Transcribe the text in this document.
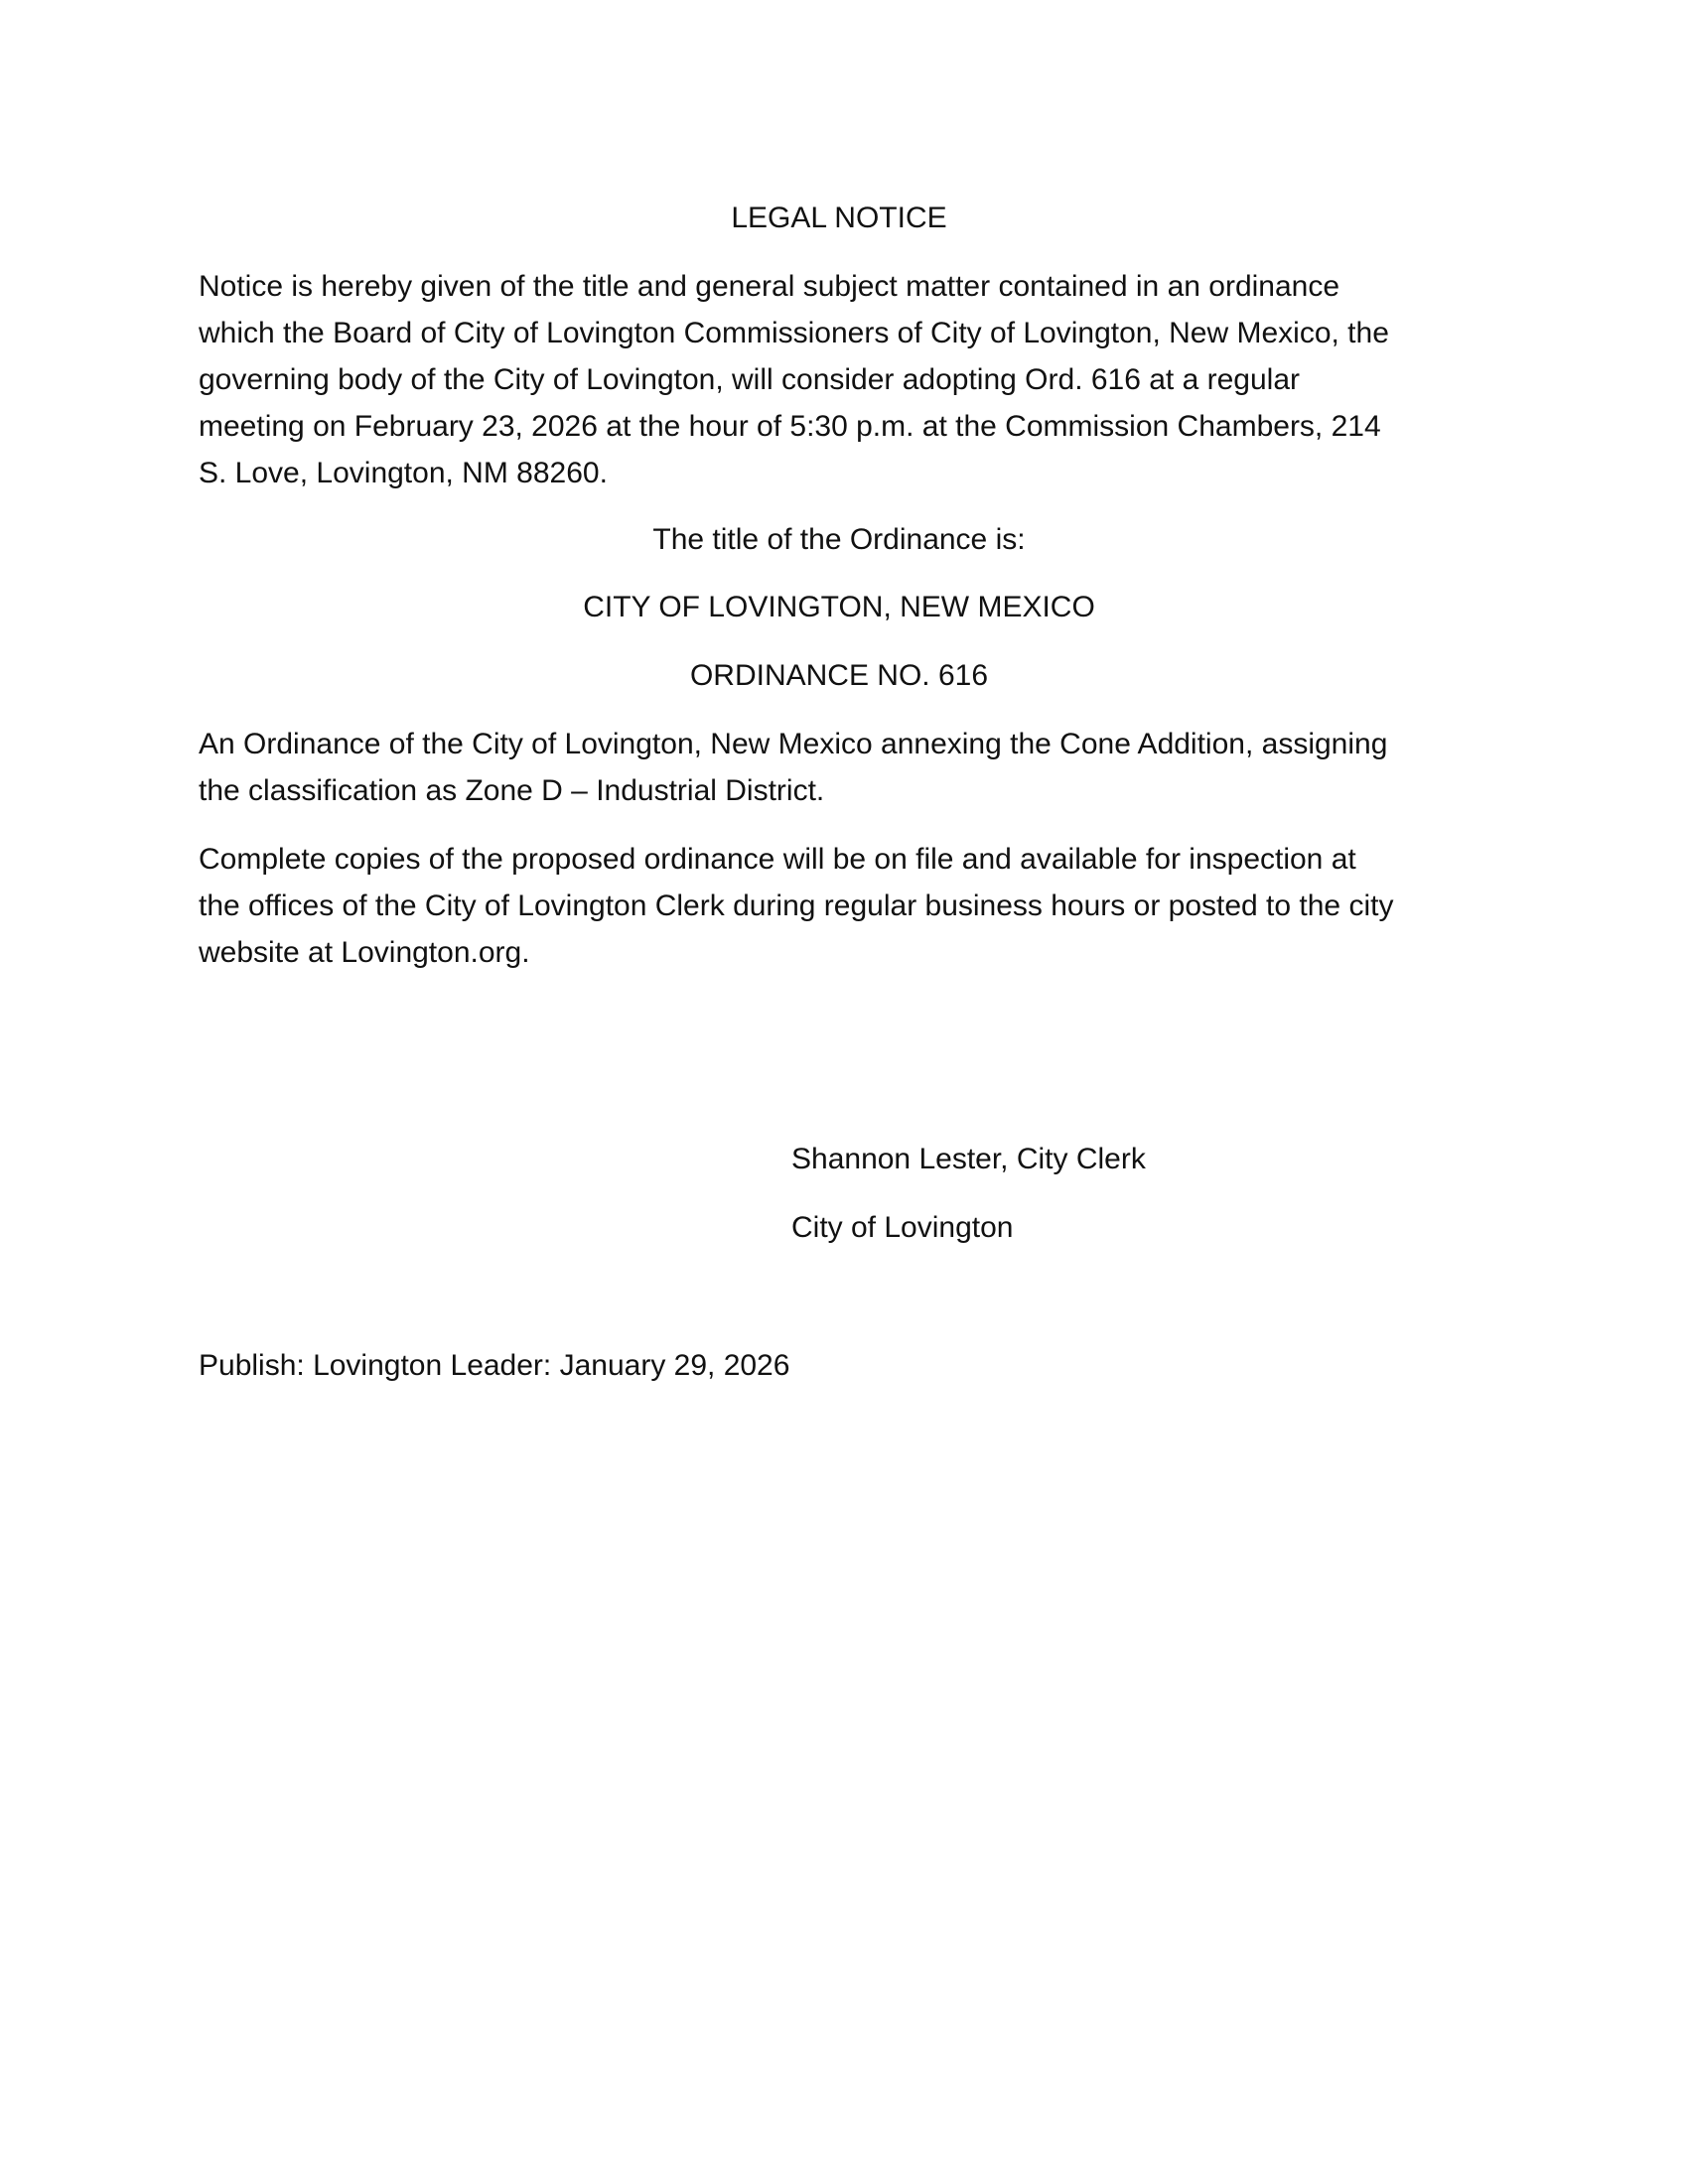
LEGAL NOTICE

Notice is hereby given of the title and general subject matter contained in an ordinance
which the Board of City of Lovington Commissioners of City of Lovington, New Mexico, the
governing body of the City of Lovington, will consider adopting Ord. 616 at a regular
meeting on February 23, 2026 at the hour of 5:30 p.m. at the Commission Chambers, 214
S. Love, Lovington, NM 88260.

The title of the Ordinance is:

CITY OF LOVINGTON, NEW MEXICO

ORDINANCE NO. 616

An Ordinance of the City of Lovington, New Mexico annexing the Cone Addition, assigning
the classification as Zone D – Industrial District.
Complete copies of the proposed ordinance will be on file and available for inspection at
the offices of the City of Lovington Clerk during regular business hours or posted to the city
website at Lovington.org.

Shannon Lester, City Clerk

City of Lovington

Publish: Lovington Leader: January 29, 2026
